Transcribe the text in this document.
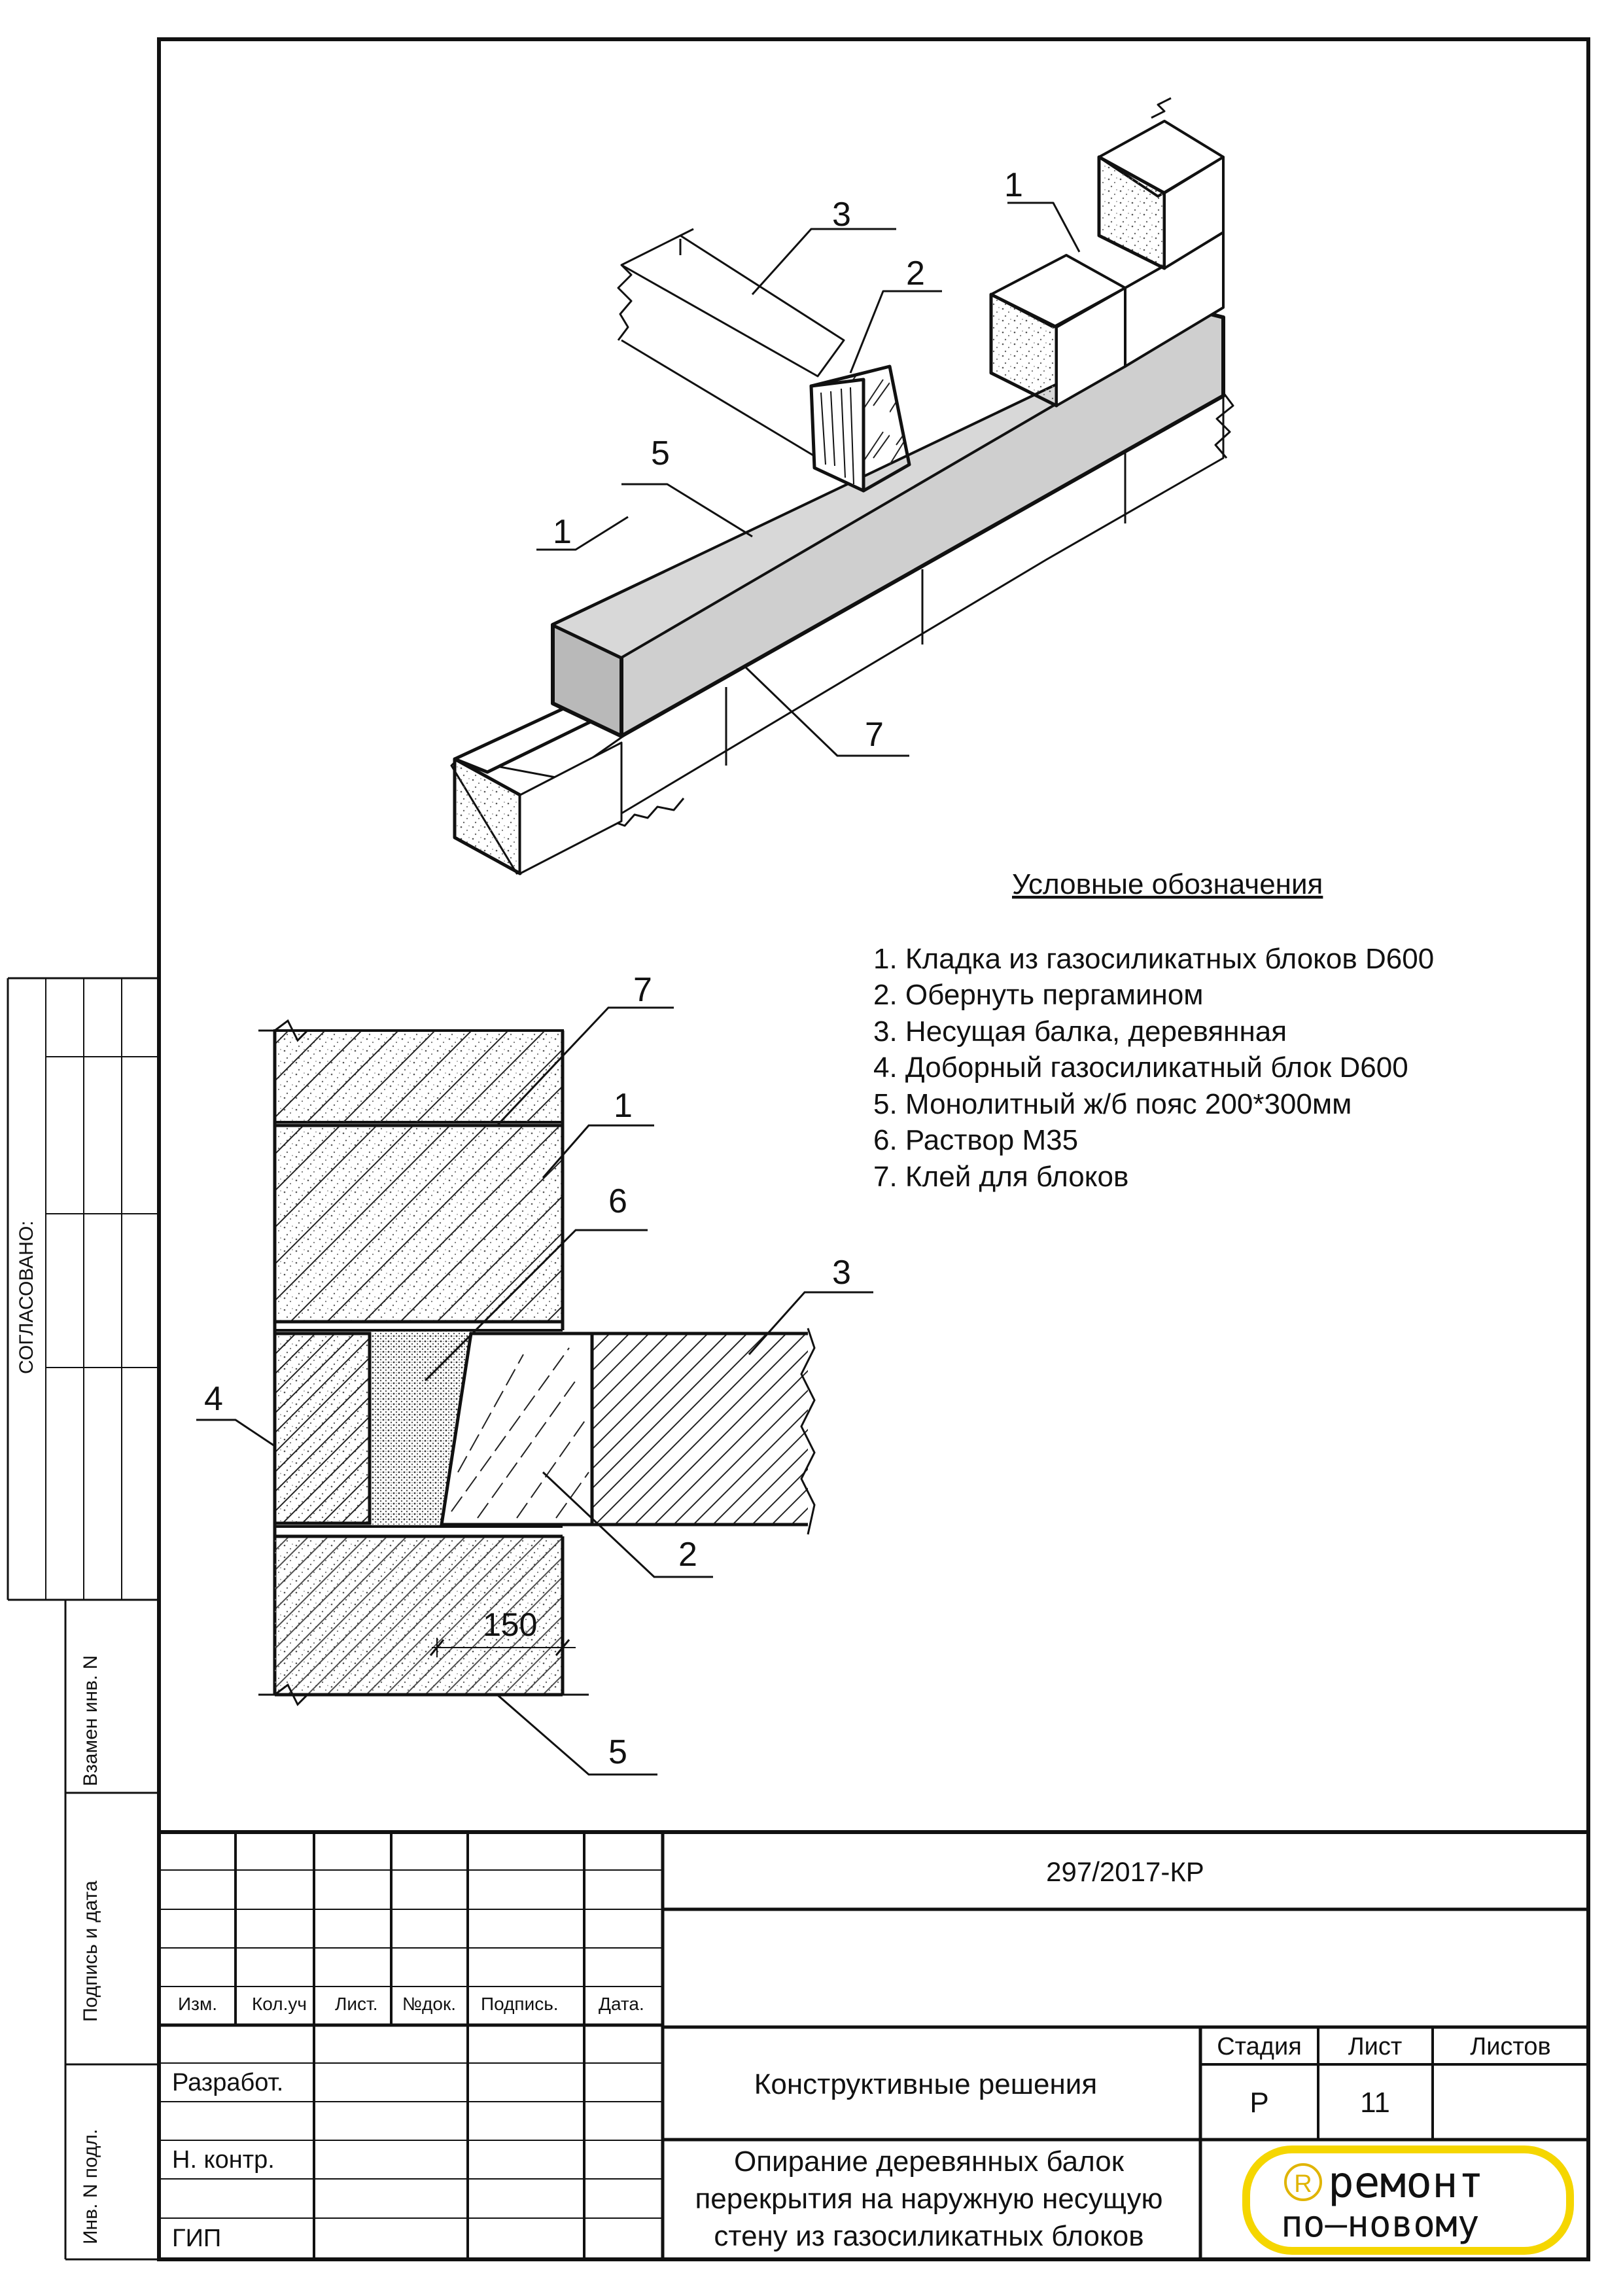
СОГЛАСОВАНО:
Взамен инв. N
Подпись и дата
Инв. N подл.
1
5
2
3
1
7
Условные обозначения
1. Кладка из газосиликатных блоков D600
2. Обернуть пергамином
3. Несущая балка, деревянная
4. Доборный газосиликатный блок D600
5. Монолитный ж/б пояс 200*300мм
6. Раствор М35
7. Клей для блоков
7
1
6
3
4
2
5
150
Изм. Кол.уч Лист. №док. Подпись. Дата.
Разработ.
Н. контр.
ГИП
297/2017-КР
Конструктивные решения
Стадия Лист	Листов
Р	11
Опирание деревянных балок
перекрытия на наружную несущую
стену из газосиликатных блоков
R ремонт
по—новому
